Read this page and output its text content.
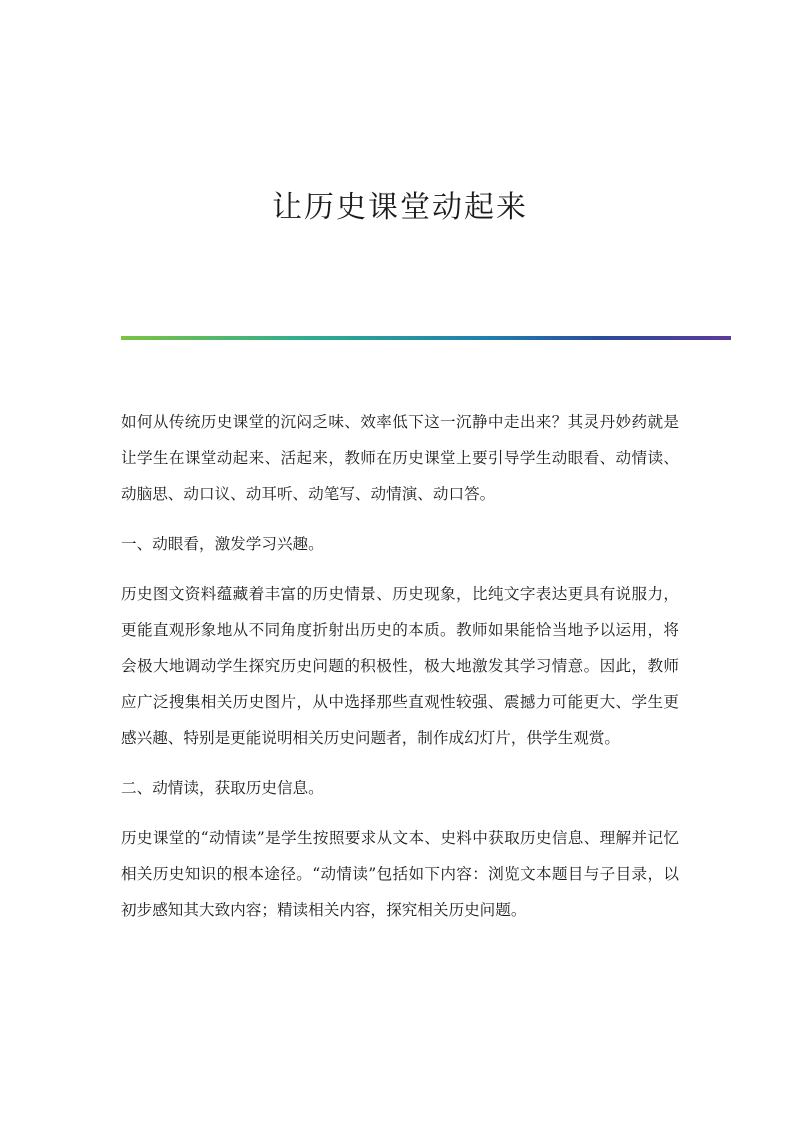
让历史课堂动起来

如何从传统历史课堂的沉闷乏味、效率低下这一沉静中走出来？其灵丹妙药就是让学生在课堂动起来、活起来，教师在历史课堂上要引导学生动眼看、动情读、动脑思、动口议、动耳听、动笔写、动情演、动口答。

一、动眼看，激发学习兴趣。

历史图文资料蕴藏着丰富的历史情景、历史现象，比纯文字表达更具有说服力，更能直观形象地从不同角度折射出历史的本质。教师如果能恰当地予以运用，将会极大地调动学生探究历史问题的积极性，极大地激发其学习情意。因此，教师应广泛搜集相关历史图片，从中选择那些直观性较强、震撼力可能更大、学生更感兴趣、特别是更能说明相关历史问题者，制作成幻灯片，供学生观赏。

二、动情读，获取历史信息。

历史课堂的“动情读”是学生按照要求从文本、史料中获取历史信息、理解并记忆相关历史知识的根本途径。“动情读”包括如下内容：浏览文本题目与子目录，以初步感知其大致内容；精读相关内容，探究相关历史问题。
